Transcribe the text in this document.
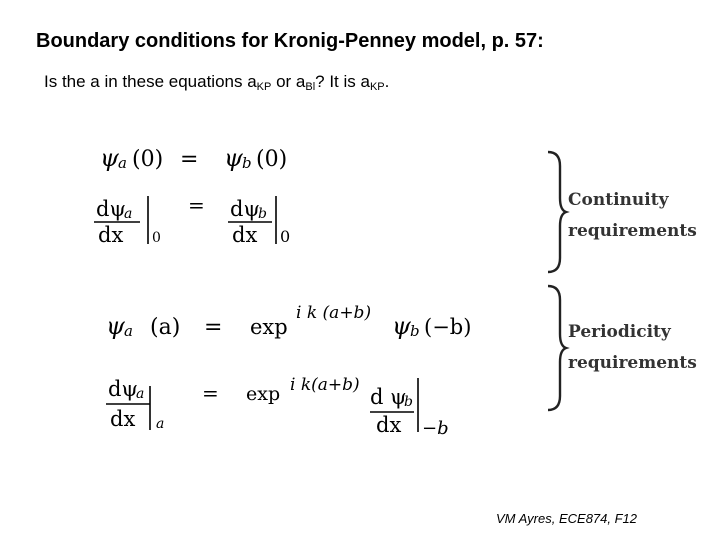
Boundary conditions for Kronig-Penney model, p. 57:
Is the a in these equations $a_{KP}$ or $a_{Bl}$? It is $a_{KP}$.
ψ a (0) = ψ b (0)
dψ
a
dx 0
= dψ
b
dx 0
ψ a (a) = exp
i k (a+b) ψ b (−b)
dψ
a
dx a
= exp i k(a+b) d ψ
b
dx −b
Continuity
requirements
Periodicity
requirements
VM Ayres, ECE874, F12
